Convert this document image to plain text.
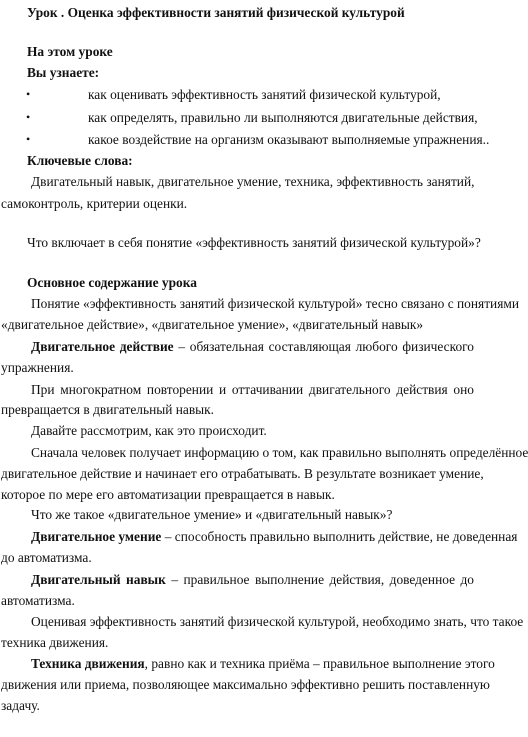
Урок . Оценка эффективности занятий физической культурой
На этом уроке
Вы узнаете:
•	как оценивать эффективность занятий физической культурой,
•	как определять, правильно ли выполняются двигательные действия,
•	какое воздействие на организм оказывают выполняемые упражнения..
Ключевые слова:
Двигательный навык, двигательное умение, техника, эффективность занятий,
самоконтроль, критерии оценки.
Что включает в себя понятие «эффективность занятий физической культурой»?
Основное содержание урока
Понятие «эффективность занятий физической культурой» тесно связано с понятиями
«двигательное действие», «двигательное умение», «двигательный навык»
Двигательное действие – обязательная составляющая любого физического
упражнения.
При многократном повторении и оттачивании двигательного действия оно
превращается в двигательный навык.
Давайте рассмотрим, как это происходит.
Сначала человек получает информацию о том, как правильно выполнять определённое
двигательное действие и начинает его отрабатывать. В результате возникает умение,
которое по мере его автоматизации превращается в навык.
Что же такое «двигательное умение» и «двигательный навык»?
Двигательное умение – способность правильно выполнить действие, не доведенная
до автоматизма.
Двигательный навык – правильное выполнение действия, доведенное до
автоматизма.
Оценивая эффективность занятий физической культурой, необходимо знать, что такое
техника движения.
Техника движения, равно как и техника приёма – правильное выполнение этого
движения или приема, позволяющее максимально эффективно решить поставленную
задачу.
